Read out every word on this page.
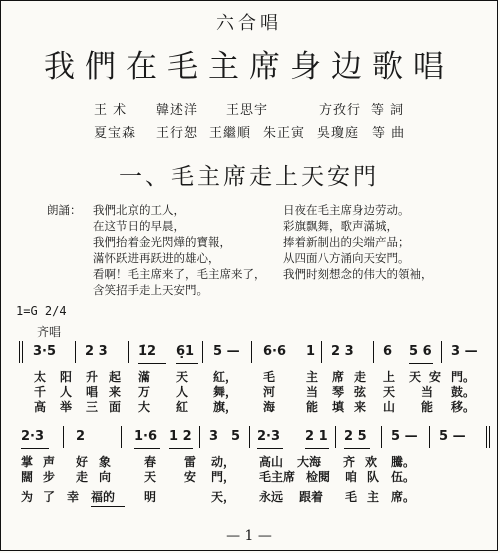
六合唱
我們在毛主席身边歌唱
王 术 韓述洋 王思宇	方孜行 等 詞
夏宝森 王行恕 王繼順 朱正寅 吳瓊庭 等 曲
一、毛主席走上天安門
朗誦： 我們北京的工人，
在这节日的早晨，
我們抬着金光閃燁的寶報，
滿怀跃进再跃进的雄心，
看啊！毛主席来了，毛主席来了，
含笑招手走上天安門。
日夜在毛主席身边劳动。
彩旗飘舞，歌声滿城，
捧着新制出的尖端产品；
从四面八方涌向天安門。
我們时刻想念的伟大的領袖，
1=G 2/4
齐唱
3·5 2 3 1̇2 6̣1 5 — 6·6 1 2 3 6 5 6 3 —
太 阳 升 起 滿 天 紅， 毛	主 席 走 上 天 安 門。
千 人 唱 来 万 人 舞， 河	当 琴 弦 天 当 鼓。
高 举 三 面 大 紅 旗， 海	能 填 来 山 能 移。
2·3 2	1·6 1 2 3 5 2·3 2 1 2 5 5 — 5 —
掌 声 好 象	春 雷 动， 高山 大海 齐 欢 騰。
闊 步 走 向	天 安 門， 毛主席 检閱 咱 队 伍。
为 了 幸 福的 明	天， 永远 跟着 毛 主 席。
— 1 —
